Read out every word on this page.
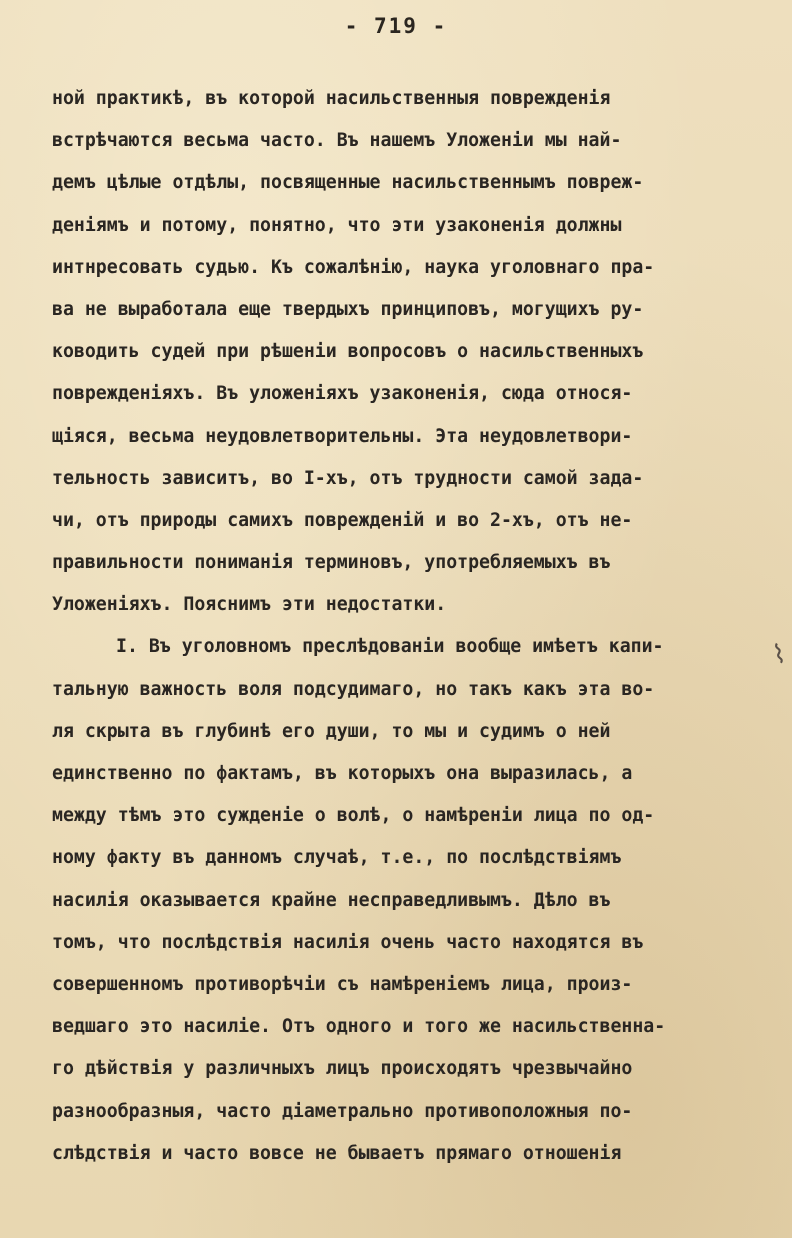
- 719 -
ной практикѣ, въ которой насильственныя поврежденія
встрѣчаются весьма часто. Въ нашемъ Уложеніи мы най-
демъ цѣлые отдѣлы, посвященные насильственнымъ повреж-
деніямъ и потому, понятно, что эти узаконенія должны
интнресовать судью. Къ сожалѣнію, наука уголовнаго пра-
ва не выработала еще твердыхъ принциповъ, могущихъ ру-
ководить судей при рѣшеніи вопросовъ о насильственныхъ
поврежденіяхъ. Въ уложеніяхъ узаконенія, сюда относя-
щіяся, весьма неудовлетворительны. Эта неудовлетвори-
тельность зависитъ, во I-хъ, отъ трудности самой зада-
чи, отъ природы самихъ поврежденій и во 2-хъ, отъ не-
правильности пониманія терминовъ, употребляемыхъ въ
Уложеніяхъ. Пояснимъ эти недостатки.
I. Въ уголовномъ преслѣдованіи вообще имѣетъ капи-
тальную важность воля подсудимаго, но такъ какъ эта во-
ля скрыта въ глубинѣ его души, то мы и судимъ о ней
единственно по фактамъ, въ которыхъ она выразилась, а
между тѣмъ это сужденіе о волѣ, о намѣреніи лица по од-
ному факту въ данномъ случаѣ, т.е., по послѣдствіямъ
насилія оказывается крайне несправедливымъ. Дѣло въ
томъ, что послѣдствія насилія очень часто находятся въ
совершенномъ противорѣчіи съ намѣреніемъ лица, произ-
ведшаго это насиліе. Отъ одного и того же насильственна-
го дѣйствія у различныхъ лицъ происходятъ чрезвычайно
разнообразныя, часто діаметрально противоположныя по-
слѣдствія и часто вовсе не бываетъ прямаго отношенія
⌇
